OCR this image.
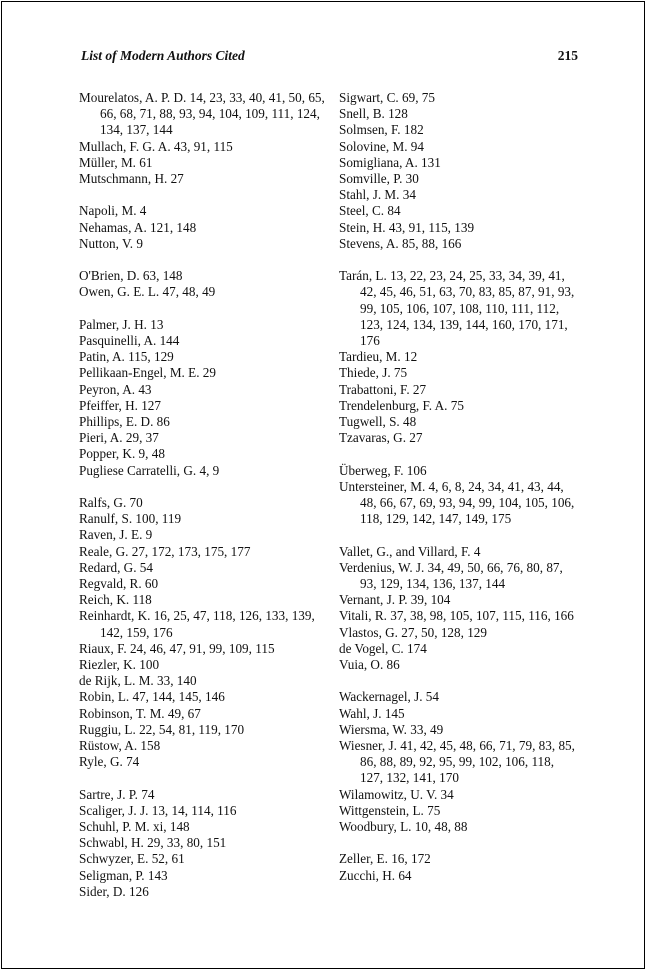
List of Modern Authors Cited	215
Mourelatos, A. P. D. 14, 23, 33, 40, 41, 50, 65, 66, 68, 71, 88, 93, 94, 104, 109, 111, 124, 134, 137, 144
Mullach, F. G. A. 43, 91, 115
Müller, M. 61
Mutschmann, H. 27
Napoli, M. 4
Nehamas, A. 121, 148
Nutton, V. 9
O'Brien, D. 63, 148
Owen, G. E. L. 47, 48, 49
Palmer, J. H. 13
Pasquinelli, A. 144
Patin, A. 115, 129
Pellikaan-Engel, M. E. 29
Peyron, A. 43
Pfeiffer, H. 127
Phillips, E. D. 86
Pieri, A. 29, 37
Popper, K. 9, 48
Pugliese Carratelli, G. 4, 9
Ralfs, G. 70
Ranulf, S. 100, 119
Raven, J. E. 9
Reale, G. 27, 172, 173, 175, 177
Redard, G. 54
Regvald, R. 60
Reich, K. 118
Reinhardt, K. 16, 25, 47, 118, 126, 133, 139, 142, 159, 176
Riaux, F. 24, 46, 47, 91, 99, 109, 115
Riezler, K. 100
de Rijk, L. M. 33, 140
Robin, L. 47, 144, 145, 146
Robinson, T. M. 49, 67
Ruggiu, L. 22, 54, 81, 119, 170
Rüstow, A. 158
Ryle, G. 74
Sartre, J. P. 74
Scaliger, J. J. 13, 14, 114, 116
Schuhl, P. M. xi, 148
Schwabl, H. 29, 33, 80, 151
Schwyzer, E. 52, 61
Seligman, P. 143
Sider, D. 126
Sigwart, C. 69, 75
Snell, B. 128
Solmsen, F. 182
Solovine, M. 94
Somigliana, A. 131
Somville, P. 30
Stahl, J. M. 34
Steel, C. 84
Stein, H. 43, 91, 115, 139
Stevens, A. 85, 88, 166
Tarán, L. 13, 22, 23, 24, 25, 33, 34, 39, 41, 42, 45, 46, 51, 63, 70, 83, 85, 87, 91, 93, 99, 105, 106, 107, 108, 110, 111, 112, 123, 124, 134, 139, 144, 160, 170, 171, 176
Tardieu, M. 12
Thiede, J. 75
Trabattoni, F. 27
Trendelenburg, F. A. 75
Tugwell, S. 48
Tzavaras, G. 27
Überweg, F. 106
Untersteiner, M. 4, 6, 8, 24, 34, 41, 43, 44, 48, 66, 67, 69, 93, 94, 99, 104, 105, 106, 118, 129, 142, 147, 149, 175
Vallet, G., and Villard, F. 4
Verdenius, W. J. 34, 49, 50, 66, 76, 80, 87, 93, 129, 134, 136, 137, 144
Vernant, J. P. 39, 104
Vitali, R. 37, 38, 98, 105, 107, 115, 116, 166
Vlastos, G. 27, 50, 128, 129
de Vogel, C. 174
Vuia, O. 86
Wackernagel, J. 54
Wahl, J. 145
Wiersma, W. 33, 49
Wiesner, J. 41, 42, 45, 48, 66, 71, 79, 83, 85, 86, 88, 89, 92, 95, 99, 102, 106, 118, 127, 132, 141, 170
Wilamowitz, U. V. 34
Wittgenstein, L. 75
Woodbury, L. 10, 48, 88
Zeller, E. 16, 172
Zucchi, H. 64
